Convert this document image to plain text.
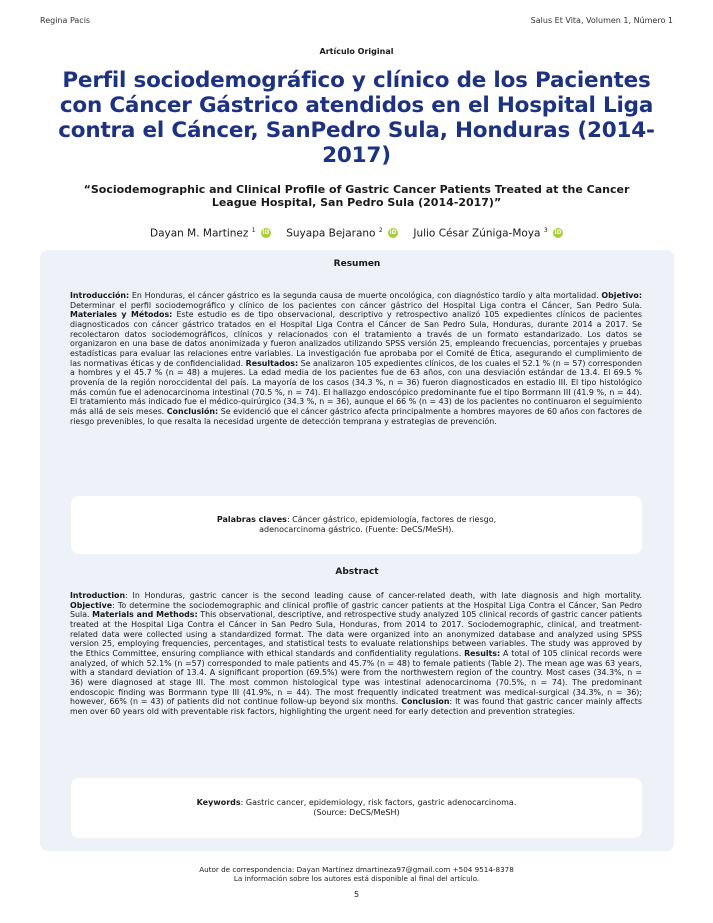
Regina Pacis	Salus Et Vita, Volumen 1, Número 1
Artículo Original
Perfil sociodemográfico y clínico de los Pacientes con Cáncer Gástrico atendidos en el Hospital Liga contra el Cáncer, SanPedro Sula, Honduras (2014-2017)

“Sociodemographic and Clinical Profile of Gastric Cancer Patients Treated at the Cancer League Hospital, San Pedro Sula (2014-2017)”

Dayan M. Martinez $^1$ iD Suyapa Bejarano $^2$ iD Julio César Zúniga-Moya $^3$ iD
Resumen

Introducción: En Honduras, el cáncer gástrico es la segunda causa de muerte oncológica, con diagnóstico tardío y alta mortalidad. Objetivo: Determinar el perfil sociodemográfico y clínico de los pacientes con cáncer gástrico del Hospital Liga contra el Cáncer, San Pedro Sula. Materiales y Métodos: Este estudio es de tipo observacional, descriptivo y retrospectivo analizó 105 expedientes clínicos de pacientes diagnosticados con cáncer gástrico tratados en el Hospital Liga Contra el Cáncer de San Pedro Sula, Honduras, durante 2014 a 2017. Se recolectaron datos sociodemográficos, clínicos y relacionados con el tratamiento a través de un formato estandarizado. Los datos se organizaron en una base de datos anonimizada y fueron analizados utilizando SPSS versión 25, empleando frecuencias, porcentajes y pruebas estadísticas para evaluar las relaciones entre variables. La investigación fue aprobaba por el Comité de Ética, asegurando el cumplimiento de las normativas éticas y de confidencialidad. Resultados: Se analizaron 105 expedientes clínicos, de los cuales el 52.1 % (n = 57) corresponden a hombres y el 45.7 % (n = 48) a mujeres. La edad media de los pacientes fue de 63 años, con una desviación estándar de 13.4. El 69.5 % provenía de la región noroccidental del país. La mayoría de los casos (34.3 %, n = 36) fueron diagnosticados en estadio III. El tipo histológico más común fue el adenocarcinoma intestinal (70.5 %, n = 74). El hallazgo endoscópico predominante fue el tipo Borrmann III (41.9 %, n = 44). El tratamiento más indicado fue el médico-quirúrgico (34.3 %, n = 36), aunque el 66 % (n = 43) de los pacientes no continuaron el seguimiento más allá de seis meses. Conclusión: Se evidenció que el cáncer gástrico afecta principalmente a hombres mayores de 60 años con factores de riesgo prevenibles, lo que resalta la necesidad urgente de detección temprana y estrategias de prevención.

Palabras claves: Cáncer gástrico, epidemiología, factores de riesgo, adenocarcinoma gástrico. (Fuente: DeCS/MeSH).

Abstract

Introduction: In Honduras, gastric cancer is the second leading cause of cancer-related death, with late diagnosis and high mortality. Objective: To determine the sociodemographic and clinical profile of gastric cancer patients at the Hospital Liga Contra el Cáncer, San Pedro Sula. Materials and Methods: This observational, descriptive, and retrospective study analyzed 105 clinical records of gastric cancer patients treated at the Hospital Liga Contra el Cáncer in San Pedro Sula, Honduras, from 2014 to 2017. Sociodemographic, clinical, and treatment-related data were collected using a standardized format. The data were organized into an anonymized database and analyzed using SPSS version 25, employing frequencies, percentages, and statistical tests to evaluate relationships between variables. The study was approved by the Ethics Committee, ensuring compliance with ethical standards and confidentiality regulations. Results: A total of 105 clinical records were analyzed, of which 52.1% (n =57) corresponded to male patients and 45.7% (n = 48) to female patients (Table 2). The mean age was 63 years, with a standard deviation of 13.4. A significant proportion (69.5%) were from the northwestern region of the country. Most cases (34.3%, n = 36) were diagnosed at stage III. The most common histological type was intestinal adenocarcinoma (70.5%, n = 74). The predominant endoscopic finding was Borrmann type III (41.9%, n = 44). The most frequently indicated treatment was medical-surgical (34.3%, n = 36); however, 66% (n = 43) of patients did not continue follow-up beyond six months. Conclusion: It was found that gastric cancer mainly affects men over 60 years old with preventable risk factors, highlighting the urgent need for early detection and prevention strategies.

Keywords: Gastric cancer, epidemiology, risk factors, gastric adenocarcinoma. (Source: DeCS/MeSH)

Autor de correspondencia: Dayan Martínez dmartineza97@gmail.com +504 9514-8378
La información sobre los autores está disponible al final del artículo.
5
